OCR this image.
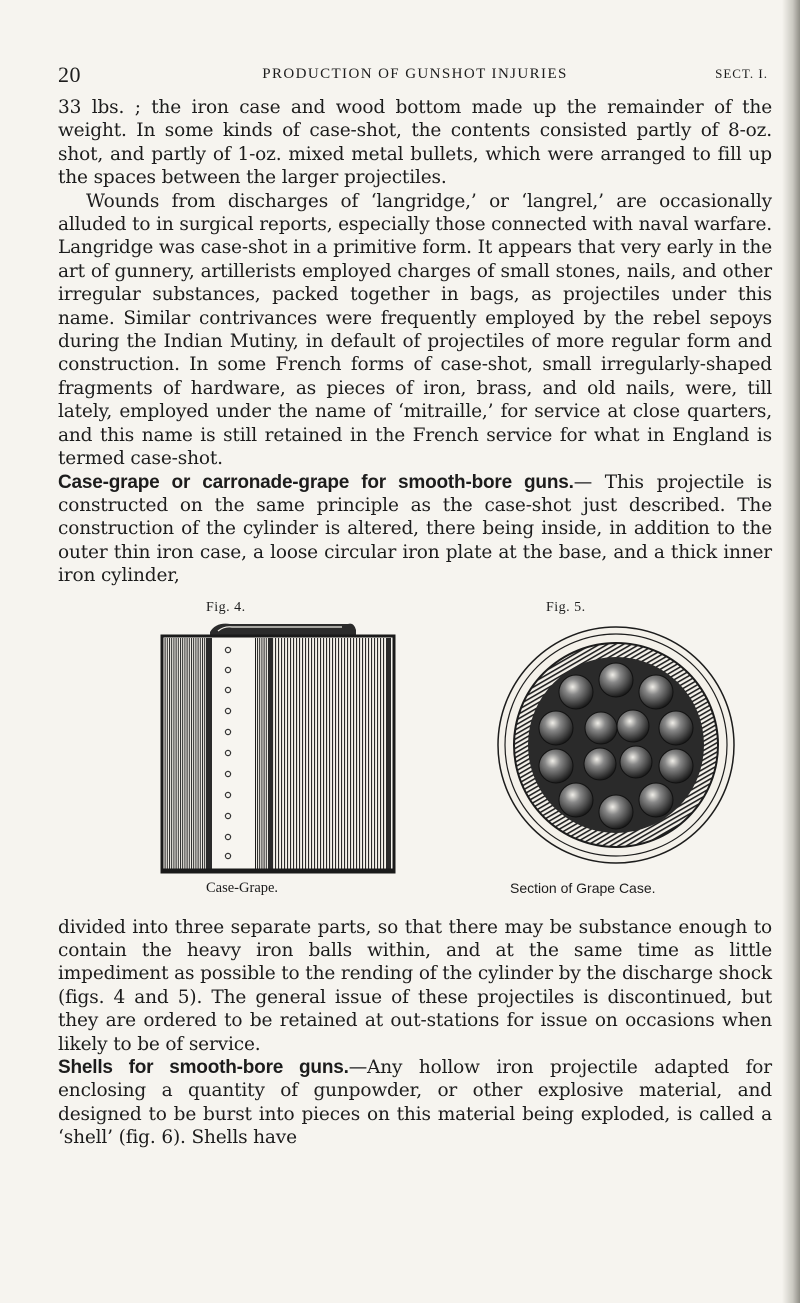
20	PRODUCTION OF GUNSHOT INJURIES	SECT. I.

33 lbs. ; the iron case and wood bottom made up the remainder of the weight. In some kinds of case-shot, the contents consisted partly of 8-oz. shot, and partly of 1-oz. mixed metal bullets, which were arranged to fill up the spaces between the larger projectiles.

Wounds from discharges of ‘langridge,’ or ‘langrel,’ are occasionally alluded to in surgical reports, especially those connected with naval warfare. Langridge was case-shot in a primitive form. It appears that very early in the art of gunnery, artillerists employed charges of small stones, nails, and other irregular substances, packed together in bags, as projectiles under this name. Similar contrivances were frequently employed by the rebel sepoys during the Indian Mutiny, in default of projectiles of more regular form and construction. In some French forms of case-shot, small irregularly-shaped fragments of hardware, as pieces of iron, brass, and old nails, were, till lately, employed under the name of ‘mitraille,’ for service at close quarters, and this name is still retained in the French service for what in England is termed case-shot.

Case-grape or carronade-grape for smooth-bore guns.— This projectile is constructed on the same principle as the case-shot just described. The construction of the cylinder is altered, there being inside, in addition to the outer thin iron case, a loose circular iron plate at the base, and a thick inner iron cylinder,

Fig. 4.	Fig. 5.
Case-Grape.	Section of Grape Case.

divided into three separate parts, so that there may be substance enough to contain the heavy iron balls within, and at the same time as little impediment as possible to the rending of the cylinder by the discharge shock (figs. 4 and 5). The general issue of these projectiles is discontinued, but they are ordered to be retained at out-stations for issue on occasions when likely to be of service.

Shells for smooth-bore guns.—Any hollow iron projectile adapted for enclosing a quantity of gunpowder, or other explosive material, and designed to be burst into pieces on this material being exploded, is called a ‘shell’ (fig. 6). Shells have
